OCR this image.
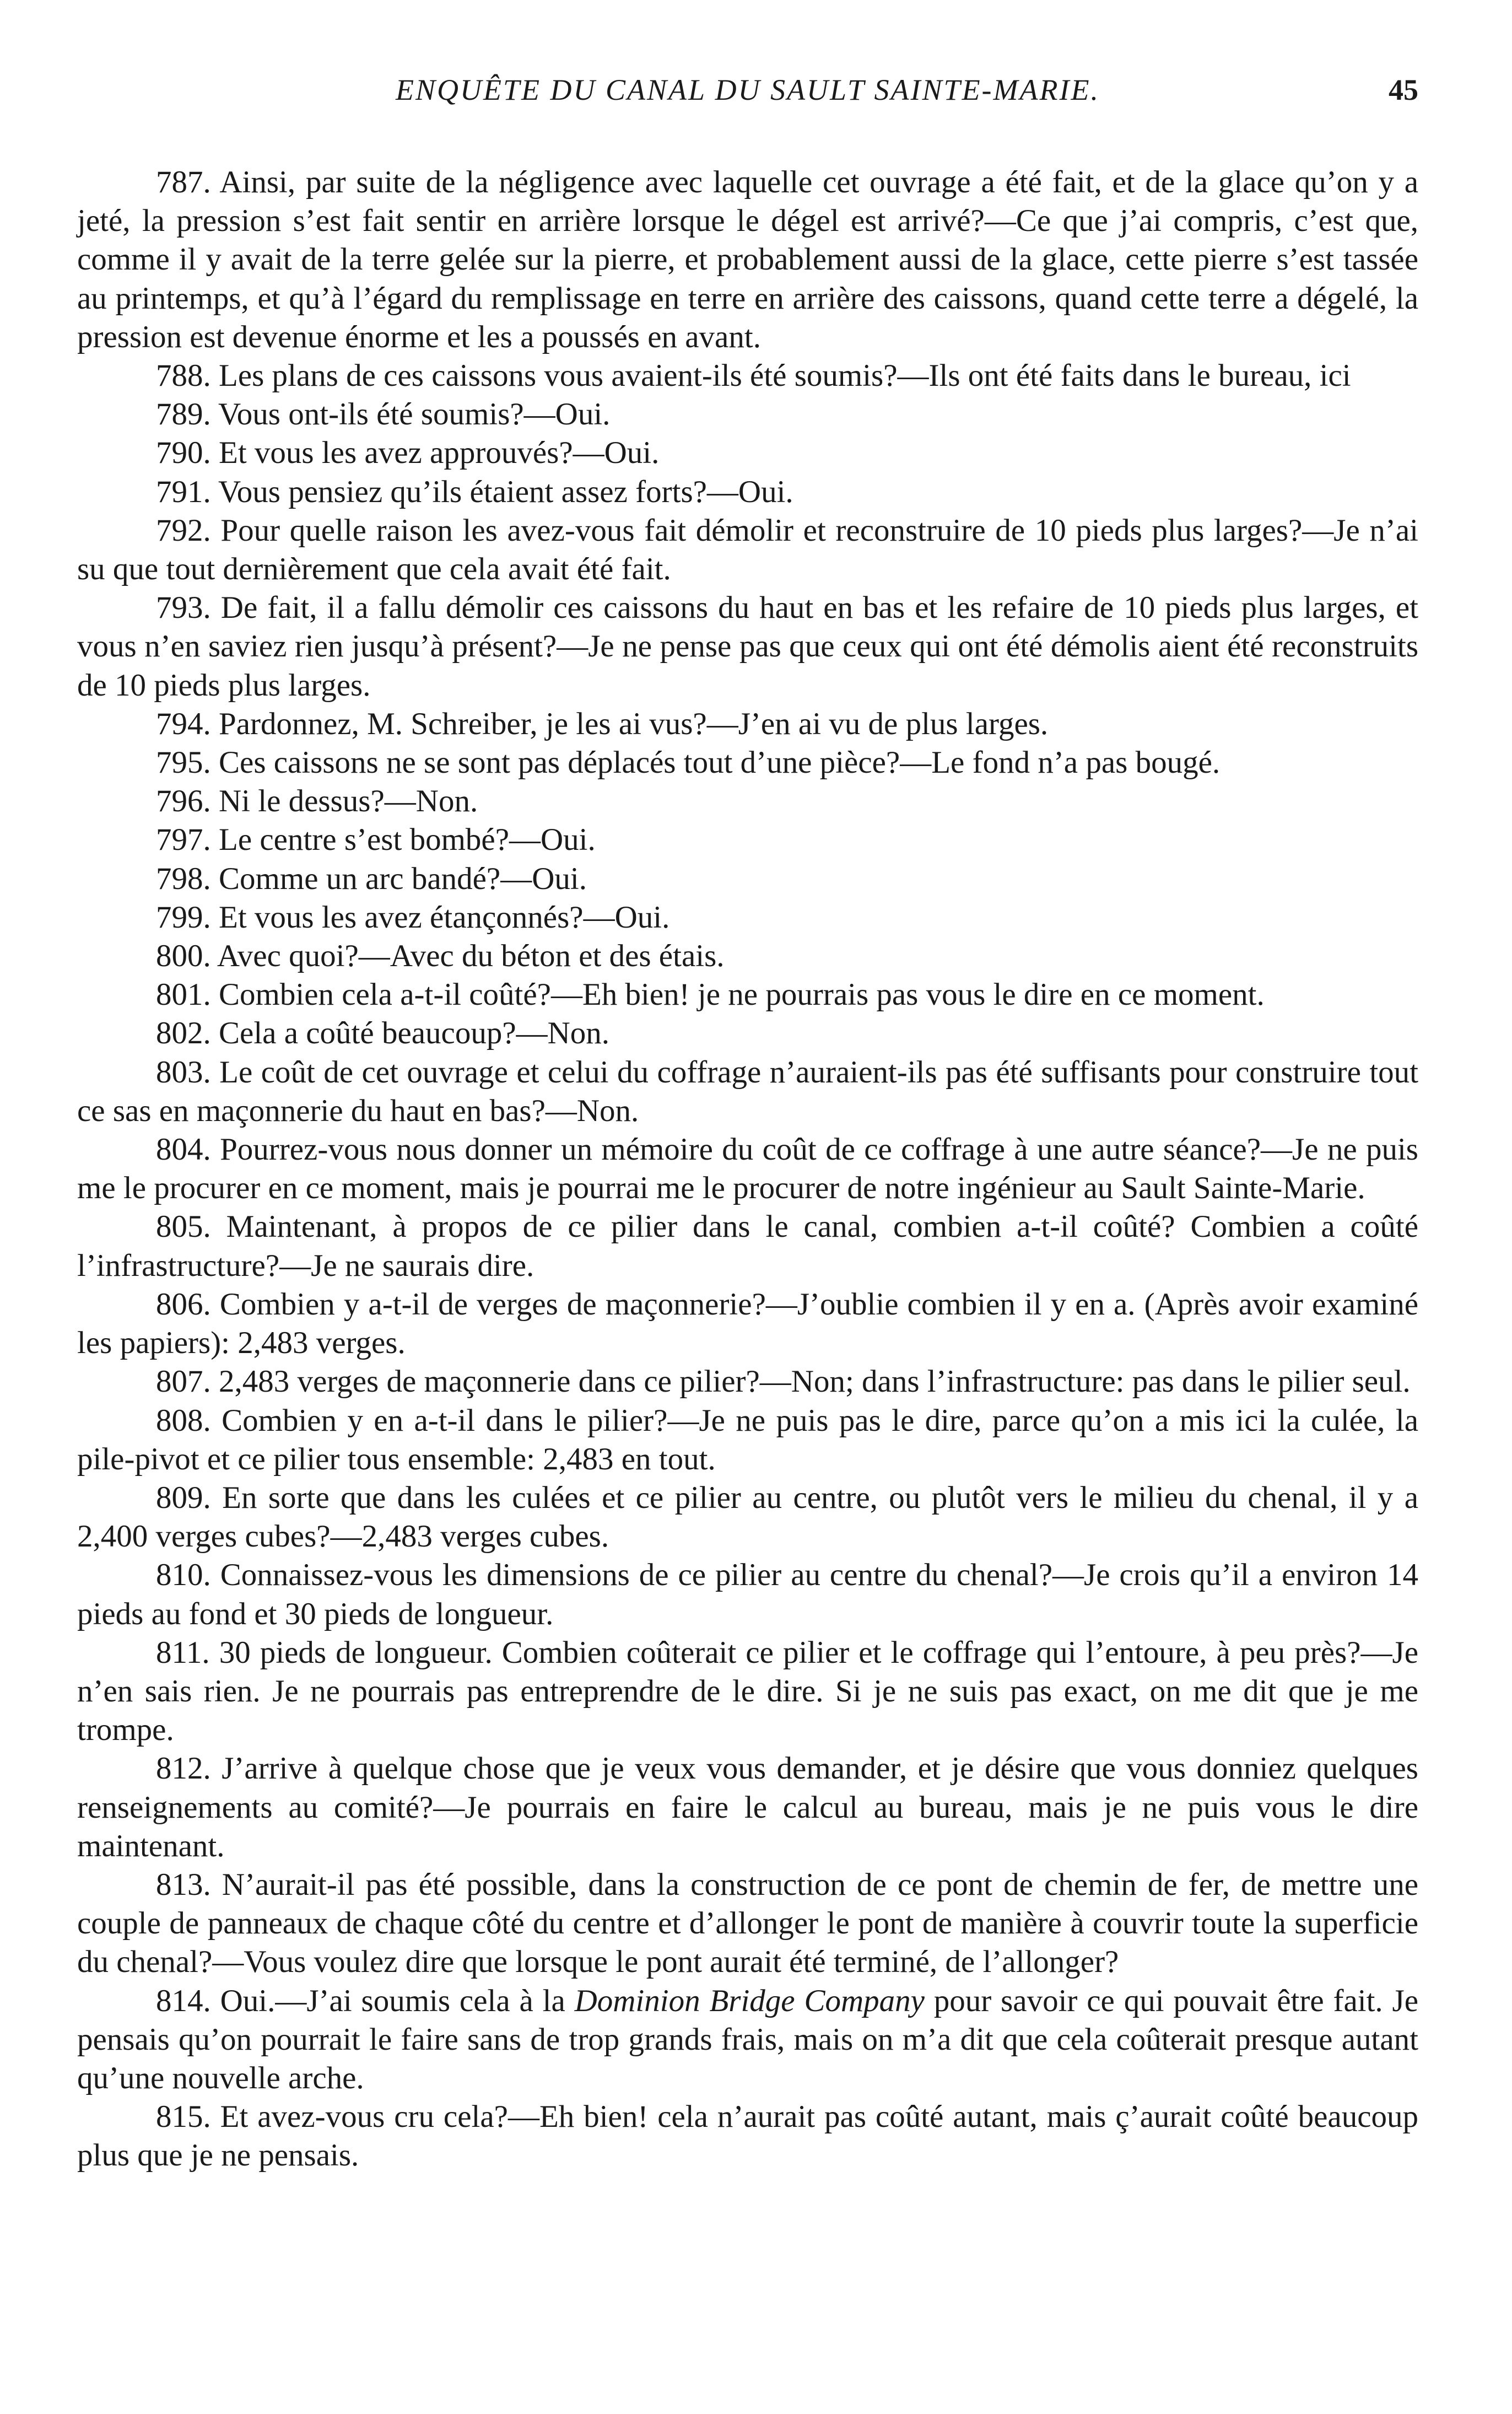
ENQUÊTE DU CANAL DU SAULT SAINTE-MARIE.	45

787. Ainsi, par suite de la négligence avec laquelle cet ouvrage a été fait, et de la glace qu’on y a jeté, la pression s’est fait sentir en arrière lorsque le dégel est arrivé?—Ce que j’ai compris, c’est que, comme il y avait de la terre gelée sur la pierre, et probablement aussi de la glace, cette pierre s’est tassée au printemps, et qu’à l’égard du remplissage en terre en arrière des caissons, quand cette terre a dégelé, la pression est devenue énorme et les a poussés en avant.

788. Les plans de ces caissons vous avaient-ils été soumis?—Ils ont été faits dans le bureau, ici

789. Vous ont-ils été soumis?—Oui.

790. Et vous les avez approuvés?—Oui.

791. Vous pensiez qu’ils étaient assez forts?—Oui.

792. Pour quelle raison les avez-vous fait démolir et reconstruire de 10 pieds plus larges?—Je n’ai su que tout dernièrement que cela avait été fait.

793. De fait, il a fallu démolir ces caissons du haut en bas et les refaire de 10 pieds plus larges, et vous n’en saviez rien jusqu’à présent?—Je ne pense pas que ceux qui ont été démolis aient été reconstruits de 10 pieds plus larges.

794. Pardonnez, M. Schreiber, je les ai vus?—J’en ai vu de plus larges.

795. Ces caissons ne se sont pas déplacés tout d’une pièce?—Le fond n’a pas bougé.

796. Ni le dessus?—Non.

797. Le centre s’est bombé?—Oui.

798. Comme un arc bandé?—Oui.

799. Et vous les avez étançonnés?—Oui.

800. Avec quoi?—Avec du béton et des étais.

801. Combien cela a-t-il coûté?—Eh bien! je ne pourrais pas vous le dire en ce moment.

802. Cela a coûté beaucoup?—Non.

803. Le coût de cet ouvrage et celui du coffrage n’auraient-ils pas été suffisants pour construire tout ce sas en maçonnerie du haut en bas?—Non.

804. Pourrez-vous nous donner un mémoire du coût de ce coffrage à une autre séance?—Je ne puis me le procurer en ce moment, mais je pourrai me le procurer de notre ingénieur au Sault Sainte-Marie.

805. Maintenant, à propos de ce pilier dans le canal, combien a-t-il coûté? Combien a coûté l’infrastructure?—Je ne saurais dire.

806. Combien y a-t-il de verges de maçonnerie?—J’oublie combien il y en a. (Après avoir examiné les papiers): 2,483 verges.

807. 2,483 verges de maçonnerie dans ce pilier?—Non; dans l’infrastructure: pas dans le pilier seul.

808. Combien y en a-t-il dans le pilier?—Je ne puis pas le dire, parce qu’on a mis ici la culée, la pile-pivot et ce pilier tous ensemble: 2,483 en tout.

809. En sorte que dans les culées et ce pilier au centre, ou plutôt vers le milieu du chenal, il y a 2,400 verges cubes?—2,483 verges cubes.

810. Connaissez-vous les dimensions de ce pilier au centre du chenal?—Je crois qu’il a environ 14 pieds au fond et 30 pieds de longueur.

811. 30 pieds de longueur. Combien coûterait ce pilier et le coffrage qui l’entoure, à peu près?—Je n’en sais rien. Je ne pourrais pas entreprendre de le dire. Si je ne suis pas exact, on me dit que je me trompe.

812. J’arrive à quelque chose que je veux vous demander, et je désire que vous donniez quelques renseignements au comité?—Je pourrais en faire le calcul au bureau, mais je ne puis vous le dire maintenant.

813. N’aurait-il pas été possible, dans la construction de ce pont de chemin de fer, de mettre une couple de panneaux de chaque côté du centre et d’allonger le pont de manière à couvrir toute la superficie du chenal?—Vous voulez dire que lorsque le pont aurait été terminé, de l’allonger?

814. Oui.—J’ai soumis cela à la Dominion Bridge Company pour savoir ce qui pouvait être fait. Je pensais qu’on pourrait le faire sans de trop grands frais, mais on m’a dit que cela coûterait presque autant qu’une nouvelle arche.

815. Et avez-vous cru cela?—Eh bien! cela n’aurait pas coûté autant, mais ç’aurait coûté beaucoup plus que je ne pensais.
